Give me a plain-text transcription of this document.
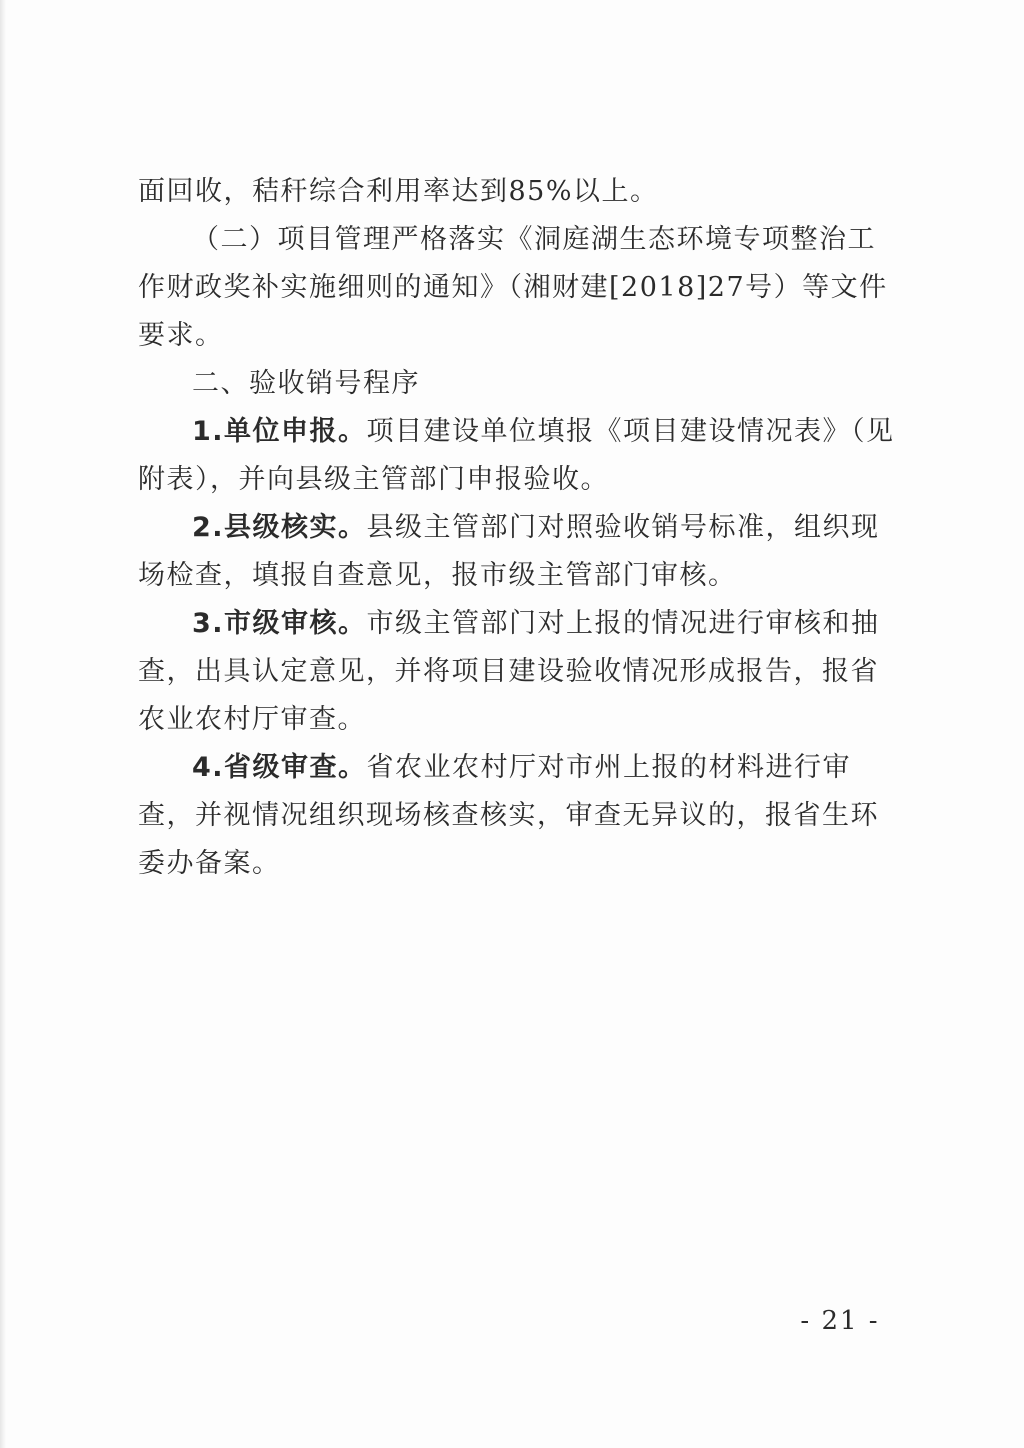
面回收，秸秆综合利用率达到85%以上。

（二）项目管理严格落实《洞庭湖生态环境专项整治工作财政奖补实施细则的通知》（湘财建[2018]27号）等文件要求。

二、验收销号程序

1.单位申报。项目建设单位填报《项目建设情况表》（见附表），并向县级主管部门申报验收。

2.县级核实。县级主管部门对照验收销号标准，组织现场检查，填报自查意见，报市级主管部门审核。

3.市级审核。市级主管部门对上报的情况进行审核和抽查，出具认定意见，并将项目建设验收情况形成报告，报省农业农村厅审查。

4.省级审查。省农业农村厅对市州上报的材料进行审查，并视情况组织现场核查核实，审查无异议的，报省生环委办备案。

- 21 -
